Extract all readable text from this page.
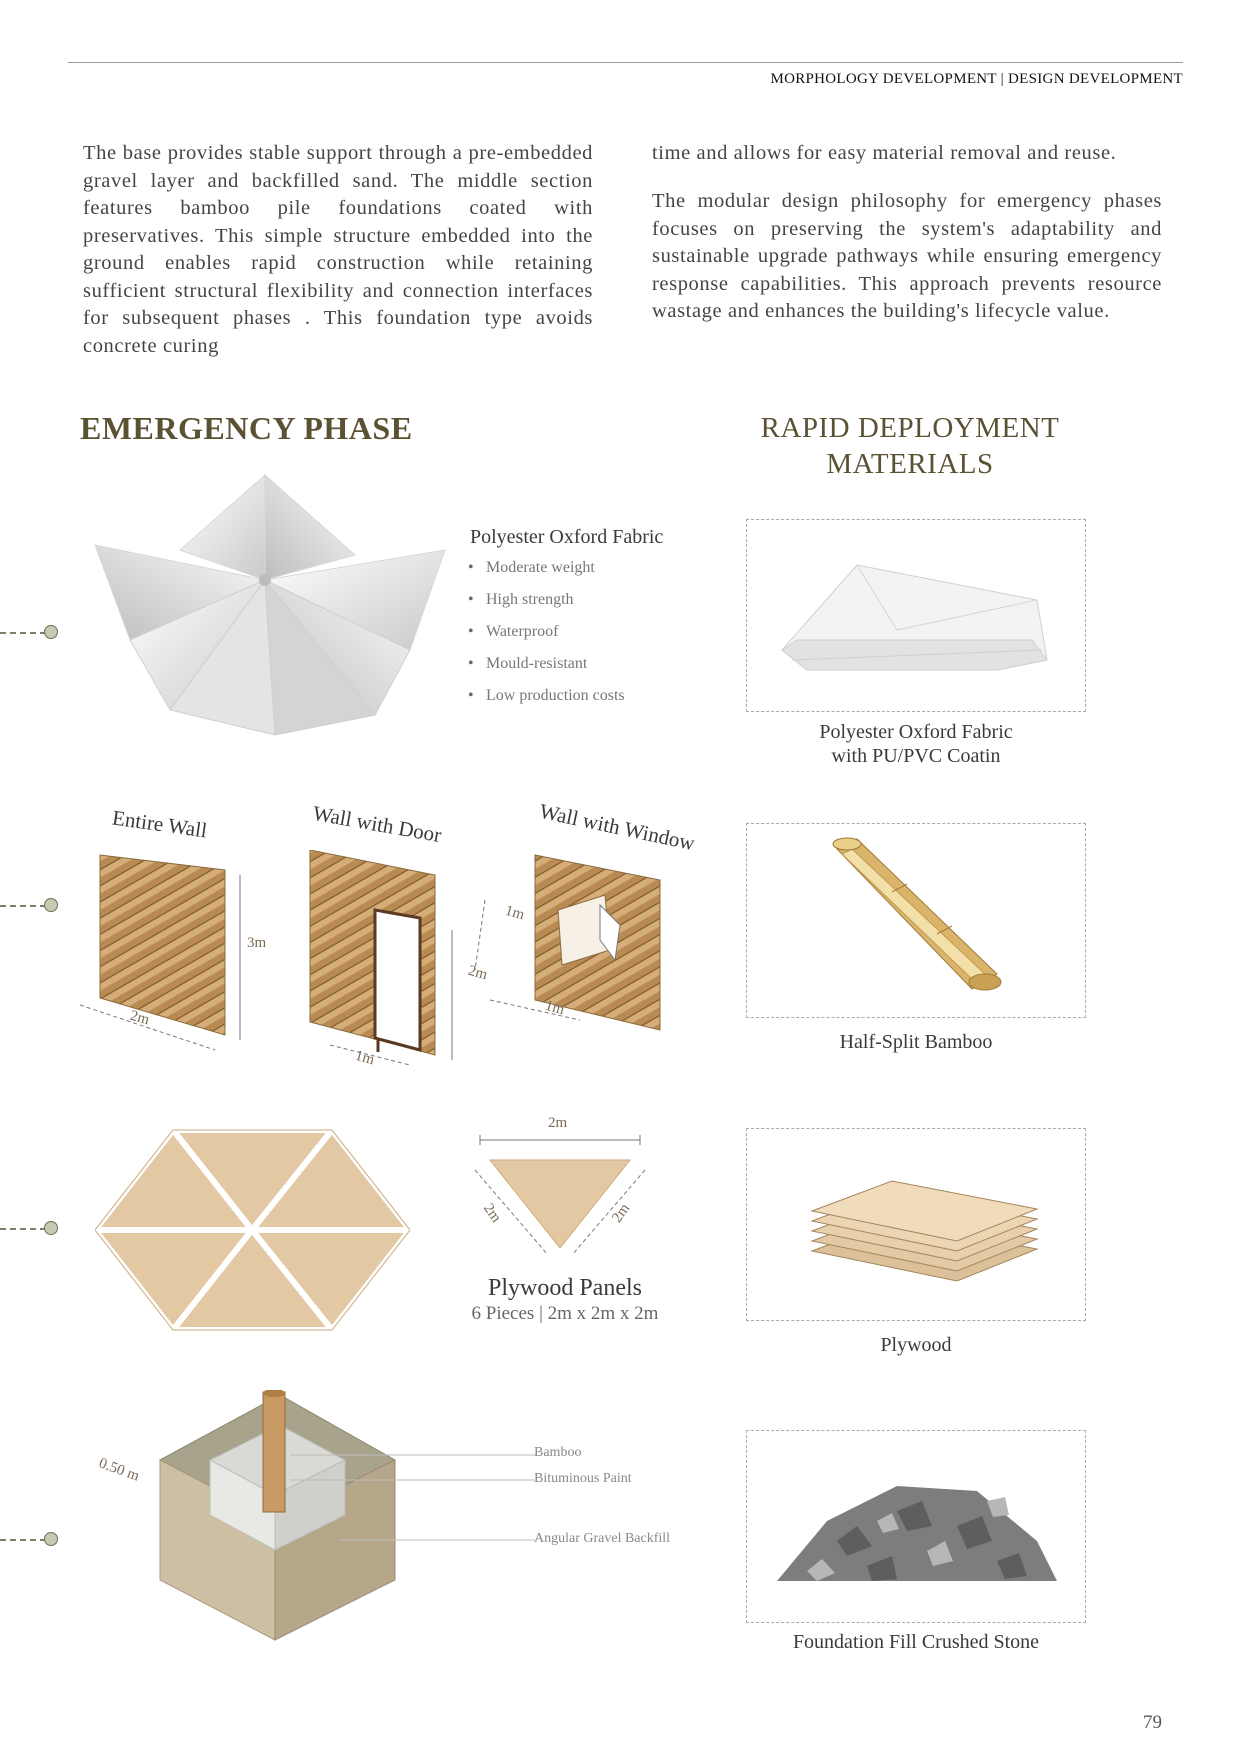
MORPHOLOGY DEVELOPMENT | DESIGN DEVELOPMENT
The base provides stable support through a pre-embedded gravel layer and backfilled sand. The middle section features bamboo pile foundations coated with preservatives. This simple structure embedded into the ground enables rapid construction while retaining sufficient structural flexibility and connection interfaces for subsequent phases . This foundation type avoids concrete curing
time and allows for easy material removal and reuse.
The modular design philosophy for emergency phases focuses on preserving the system's adaptability and sustainable upgrade pathways while ensuring emergency response capabilities. This approach prevents resource wastage and enhances the building's lifecycle value.
EMERGENCY PHASE	RAPID DEPLOYMENT
MATERIALS
Polyester Oxford Fabric
• Moderate weight
• High strength
• Waterproof
• Mould-resistant
• Low production costs
Polyester Oxford Fabric
with PU/PVC Coatin
Entire Wall	Wall with Door	Wall with Window
3m
2m
2m
1m
1m
1m
Half-Split Bamboo
2m
2m	2m
Plywood Panels
6 Pieces | 2m x 2m x 2m
Plywood
Bamboo
Bituminous Paint
Angular Gravel Backfill
0.50 m
Foundation Fill Crushed Stone
79
